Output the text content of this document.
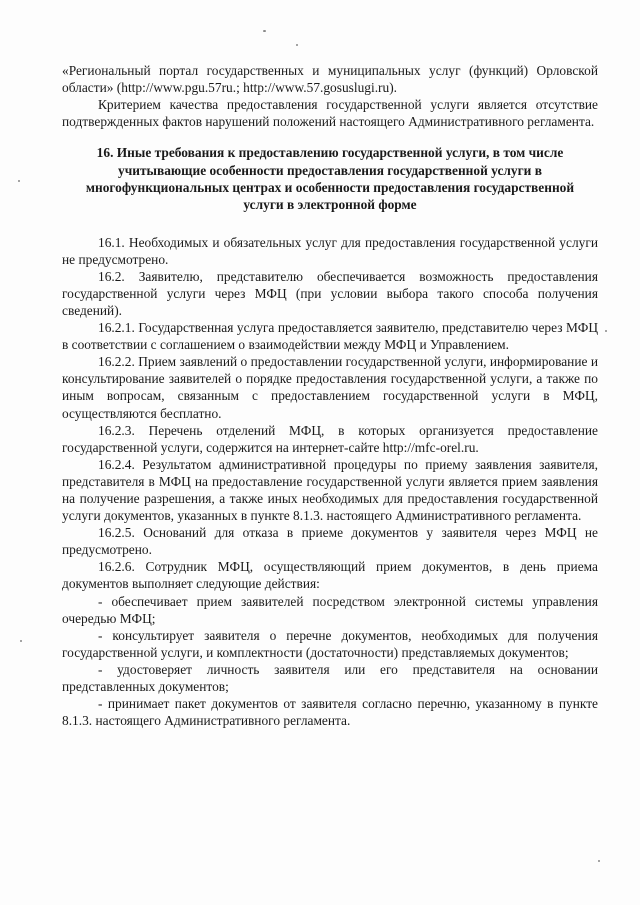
«Региональный портал государственных и муниципальных услуг (функций) Орловской области» (http://www.pgu.57ru.; http://www.57.gosuslugi.ru).

Критерием качества предоставления государственной услуги является отсутствие подтвержденных фактов нарушений положений настоящего Административного регламента.

16. Иные требования к предоставлению государственной услуги, в том числе учитывающие особенности предоставления государственной услуги в многофункциональных центрах и особенности предоставления государственной услуги в электронной форме

16.1. Необходимых и обязательных услуг для предоставления государственной услуги не предусмотрено.

16.2. Заявителю, представителю обеспечивается возможность предоставления государственной услуги через МФЦ (при условии выбора такого способа получения сведений).

16.2.1. Государственная услуга предоставляется заявителю, представителю через МФЦ в соответствии с соглашением о взаимодействии между МФЦ и Управлением.

16.2.2. Прием заявлений о предоставлении государственной услуги, информирование и консультирование заявителей о порядке предоставления государственной услуги, а также по иным вопросам, связанным с предоставлением государственной услуги в МФЦ, осуществляются бесплатно.

16.2.3. Перечень отделений МФЦ, в которых организуется предоставление государственной услуги, содержится на интернет-сайте http://mfc-orel.ru.

16.2.4. Результатом административной процедуры по приему заявления заявителя, представителя в МФЦ на предоставление государственной услуги является прием заявления на получение разрешения, а также иных необходимых для предоставления государственной услуги документов, указанных в пункте 8.1.3. настоящего Административного регламента.

16.2.5. Оснований для отказа в приеме документов у заявителя через МФЦ не предусмотрено.

16.2.6. Сотрудник МФЦ, осуществляющий прием документов, в день приема документов выполняет следующие действия:

- обеспечивает прием заявителей посредством электронной системы управления очередью МФЦ;

- консультирует заявителя о перечне документов, необходимых для получения государственной услуги, и комплектности (достаточности) представляемых документов;

- удостоверяет личность заявителя или его представителя на основании представленных документов;

- принимает пакет документов от заявителя согласно перечню, указанному в пункте 8.1.3. настоящего Административного регламента.
